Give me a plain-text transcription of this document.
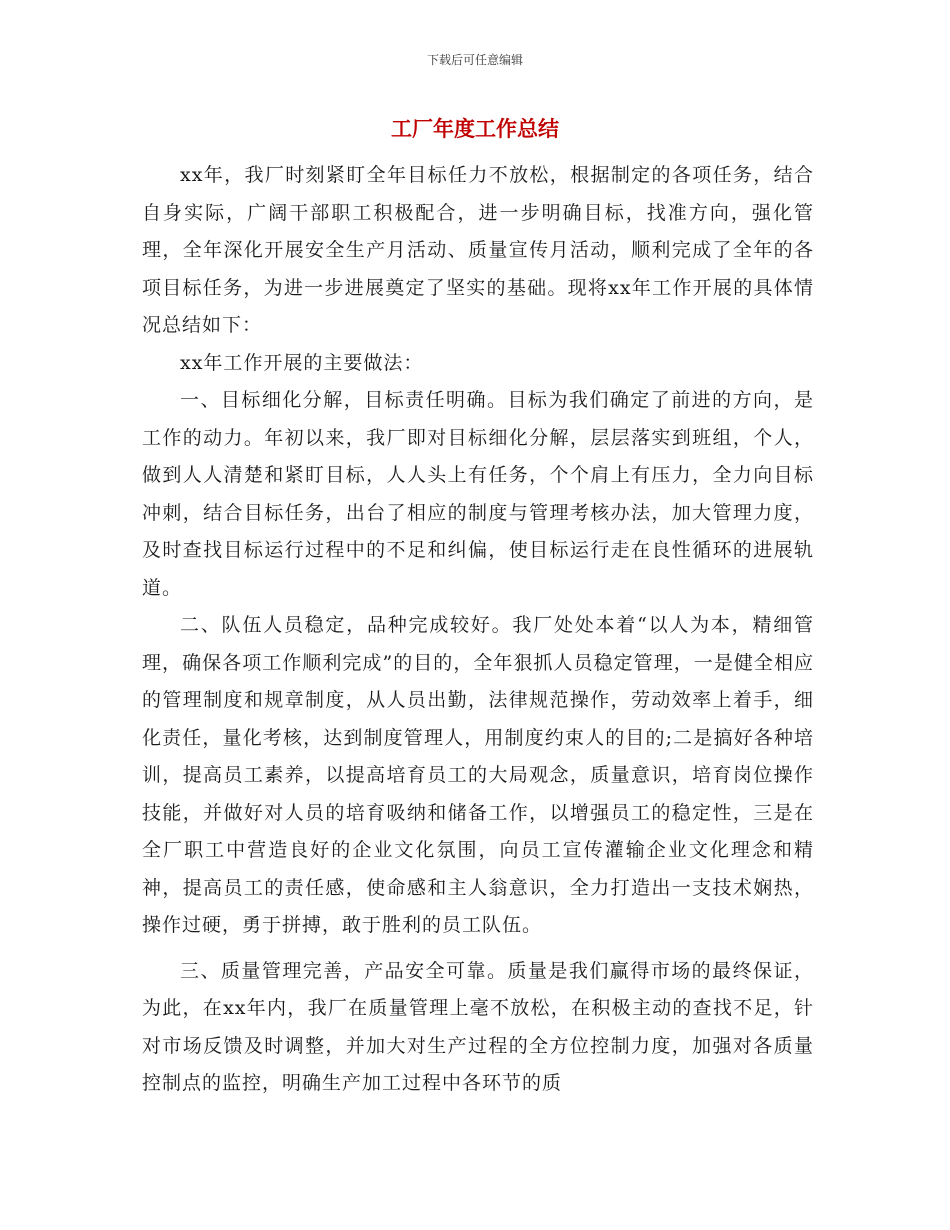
下载后可任意编辑
工厂年度工作总结

xx年，我厂时刻紧盯全年目标任力不放松，根据制定的各项任务，结合自身实际，广阔干部职工积极配合，进一步明确目标，找准方向，强化管理，全年深化开展安全生产月活动、质量宣传月活动，顺利完成了全年的各项目标任务，为进一步进展奠定了坚实的基础。现将xx年工作开展的具体情况总结如下：

xx年工作开展的主要做法：

一、目标细化分解，目标责任明确。目标为我们确定了前进的方向，是工作的动力。年初以来，我厂即对目标细化分解，层层落实到班组，个人，做到人人清楚和紧盯目标，人人头上有任务，个个肩上有压力，全力向目标冲刺，结合目标任务，出台了相应的制度与管理考核办法，加大管理力度，及时查找目标运行过程中的不足和纠偏，使目标运行走在良性循环的进展轨道。

二、队伍人员稳定，品种完成较好。我厂处处本着“以人为本，精细管理，确保各项工作顺利完成”的目的，全年狠抓人员稳定管理，一是健全相应的管理制度和规章制度，从人员出勤，法律规范操作，劳动效率上着手，细化责任，量化考核，达到制度管理人，用制度约束人的目的;二是搞好各种培训，提高员工素养，以提高培育员工的大局观念，质量意识，培育岗位操作技能，并做好对人员的培育吸纳和储备工作，以增强员工的稳定性，三是在全厂职工中营造良好的企业文化氛围，向员工宣传灌输企业文化理念和精神，提高员工的责任感，使命感和主人翁意识，全力打造出一支技术娴热，操作过硬，勇于拼搏，敢于胜利的员工队伍。

三、质量管理完善，产品安全可靠。质量是我们赢得市场的最终保证，为此，在xx年内，我厂在质量管理上毫不放松，在积极主动的查找不足，针对市场反馈及时调整，并加大对生产过程的全方位控制力度，加强对各质量控制点的监控，明确生产加工过程中各环节的质
